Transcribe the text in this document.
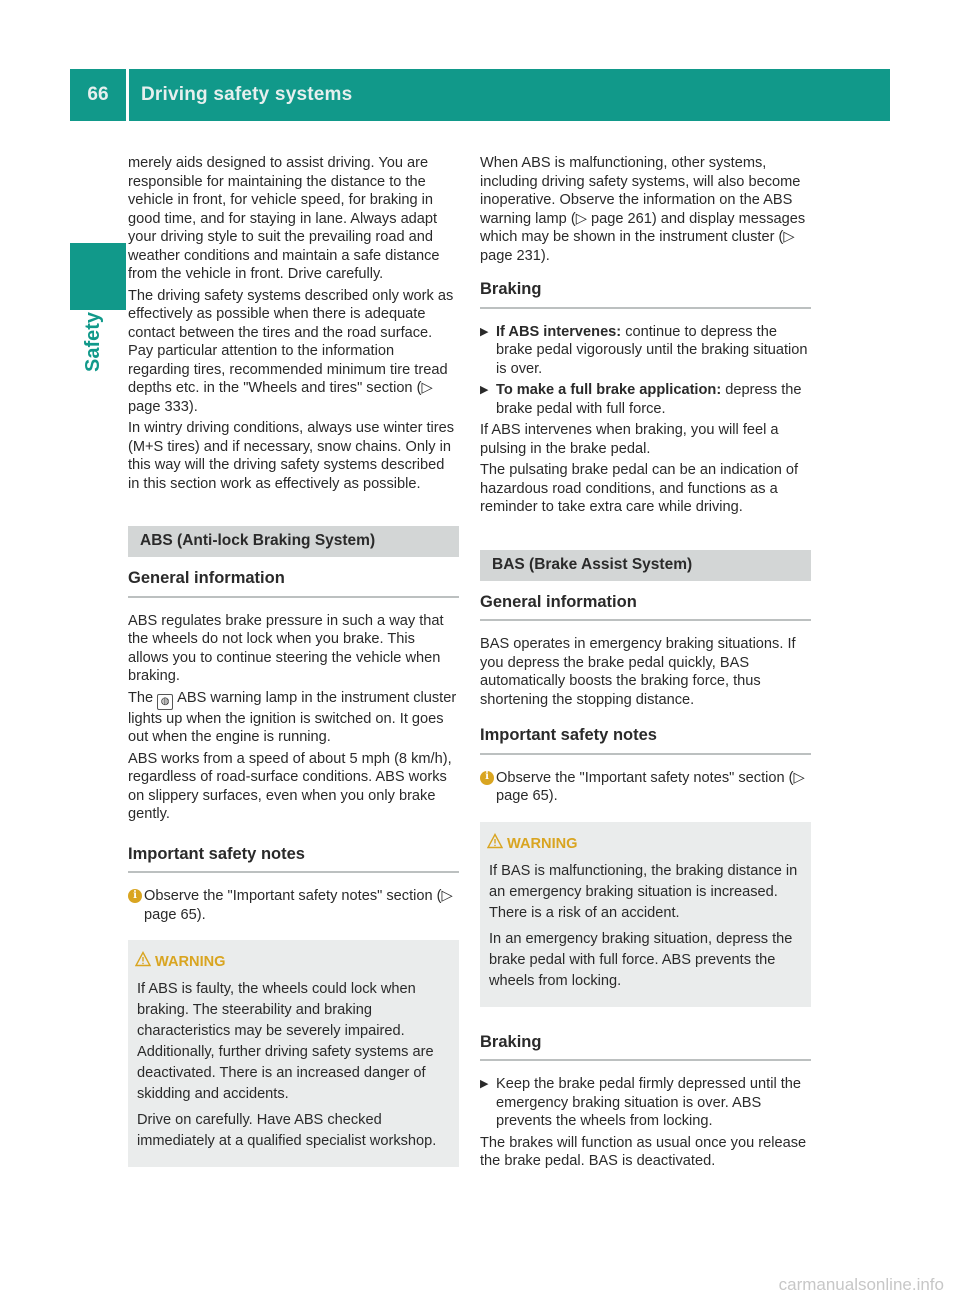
66	Driving safety systems
Safety

merely aids designed to assist driving. You are responsible for maintaining the distance to the vehicle in front, for vehicle speed, for braking in good time, and for staying in lane. Always adapt your driving style to suit the prevailing road and weather conditions and maintain a safe distance from the vehicle in front. Drive carefully.

The driving safety systems described only work as effectively as possible when there is adequate contact between the tires and the road surface. Pay particular attention to the information regarding tires, recommended minimum tire tread depths etc. in the "Wheels and tires" section (▷ page 333).

In wintry driving conditions, always use winter tires (M+S tires) and if necessary, snow chains. Only in this way will the driving safety systems described in this section work as effectively as possible.

ABS (Anti-lock Braking System)
General information

ABS regulates brake pressure in such a way that the wheels do not lock when you brake. This allows you to continue steering the vehicle when braking.

The ◍ ABS warning lamp in the instrument cluster lights up when the ignition is switched on. It goes out when the engine is running.

ABS works from a speed of about 5 mph (8 km/h), regardless of road-surface conditions. ABS works on slippery surfaces, even when you only brake gently.

Important safety notes
i Observe the "Important safety notes" section (▷ page 65).
WARNING

If ABS is faulty, the wheels could lock when braking. The steerability and braking characteristics may be severely impaired. Additionally, further driving safety systems are deactivated. There is an increased danger of skidding and accidents.

Drive on carefully. Have ABS checked immediately at a qualified specialist workshop.

When ABS is malfunctioning, other systems, including driving safety systems, will also become inoperative. Observe the information on the ABS warning lamp (▷ page 261) and display messages which may be shown in the instrument cluster (▷ page 231).

Braking
▶ If ABS intervenes: continue to depress the brake pedal vigorously until the braking situation is over.
▶ To make a full brake application: depress the brake pedal with full force.

If ABS intervenes when braking, you will feel a pulsing in the brake pedal.

The pulsating brake pedal can be an indication of hazardous road conditions, and functions as a reminder to take extra care while driving.

BAS (Brake Assist System)
General information

BAS operates in emergency braking situations. If you depress the brake pedal quickly, BAS automatically boosts the braking force, thus shortening the stopping distance.

Important safety notes
i Observe the "Important safety notes" section (▷ page 65).
WARNING

If BAS is malfunctioning, the braking distance in an emergency braking situation is increased. There is a risk of an accident.

In an emergency braking situation, depress the brake pedal with full force. ABS prevents the wheels from locking.

Braking
▶ Keep the brake pedal firmly depressed until the emergency braking situation is over. ABS prevents the wheels from locking.

The brakes will function as usual once you release the brake pedal. BAS is deactivated.

carmanualsonline.info
